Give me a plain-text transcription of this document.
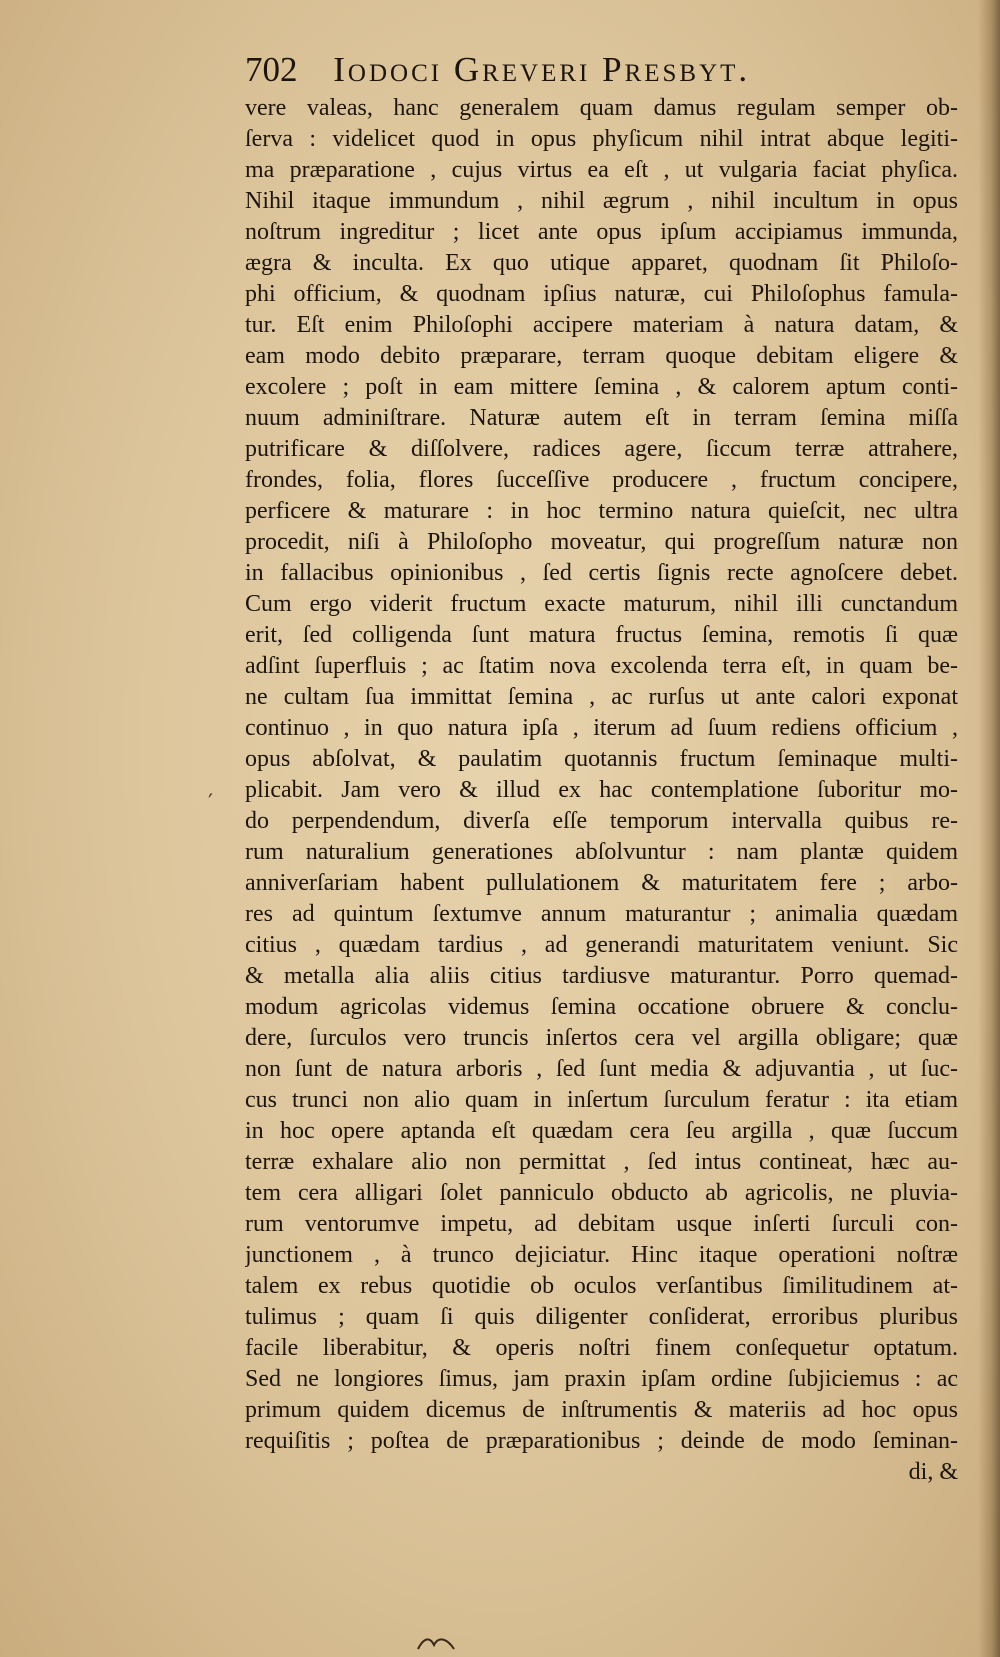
702 Iodoci Greveri Presbyt.
vere valeas, hanc generalem quam damus regulam semper ob-
ſerva : videlicet quod in opus phyſicum nihil intrat abque legiti-
ma præparatione , cujus virtus ea eſt , ut vulgaria faciat phyſica.
Nihil itaque immundum , nihil ægrum , nihil incultum in opus
noſtrum ingreditur ; licet ante opus ipſum accipiamus immunda,
ægra & inculta. Ex quo utique apparet, quodnam ſit Philoſo-
phi officium, & quodnam ipſius naturæ, cui Philoſophus famula-
tur. Eſt enim Philoſophi accipere materiam à natura datam, &
eam modo debito præparare, terram quoque debitam eligere &
excolere ; poſt in eam mittere ſemina , & calorem aptum conti-
nuum adminiſtrare. Naturæ autem eſt in terram ſemina miſſa
putrificare & diſſolvere, radices agere, ſiccum terræ attrahere,
frondes, folia, flores ſucceſſive producere , fructum concipere,
perficere & maturare : in hoc termino natura quieſcit, nec ultra
procedit, niſi à Philoſopho moveatur, qui progreſſum naturæ non
in fallacibus opinionibus , ſed certis ſignis recte agnoſcere debet.
Cum ergo viderit fructum exacte maturum, nihil illi cunctandum
erit, ſed colligenda ſunt matura fructus ſemina, remotis ſi quæ
adſint ſuperfluis ; ac ſtatim nova excolenda terra eſt, in quam be-
ne cultam ſua immittat ſemina , ac rurſus ut ante calori exponat
continuo , in quo natura ipſa , iterum ad ſuum rediens officium ,
opus abſolvat, & paulatim quotannis fructum ſeminaque multi-
plicabit. Jam vero & illud ex hac contemplatione ſuboritur mo-
do perpendendum, diverſa eſſe temporum intervalla quibus re-
rum naturalium generationes abſolvuntur : nam plantæ quidem
anniverſariam habent pullulationem & maturitatem fere ; arbo-
res ad quintum ſextumve annum maturantur ; animalia quædam
citius , quædam tardius , ad generandi maturitatem veniunt. Sic
& metalla alia aliis citius tardiusve maturantur. Porro quemad-
modum agricolas videmus ſemina occatione obruere & conclu-
dere, ſurculos vero truncis inſertos cera vel argilla obligare; quæ
non ſunt de natura arboris , ſed ſunt media & adjuvantia , ut ſuc-
cus trunci non alio quam in inſertum ſurculum feratur : ita etiam
in hoc opere aptanda eſt quædam cera ſeu argilla , quæ ſuccum
terræ exhalare alio non permittat , ſed intus contineat, hæc au-
tem cera alligari ſolet panniculo obducto ab agricolis, ne pluvia-
rum ventorumve impetu, ad debitam usque inſerti ſurculi con-
junctionem , à trunco dejiciatur. Hinc itaque operationi noſtræ
talem ex rebus quotidie ob oculos verſantibus ſimilitudinem at-
tulimus ; quam ſi quis diligenter conſiderat, erroribus pluribus
facile liberabitur, & operis noſtri finem conſequetur optatum.
Sed ne longiores ſimus, jam praxin ipſam ordine ſubjiciemus : ac
primum quidem dicemus de inſtrumentis & materiis ad hoc opus
requiſitis ; poſtea de præparationibus ; deinde de modo ſeminan-
di, &
′
